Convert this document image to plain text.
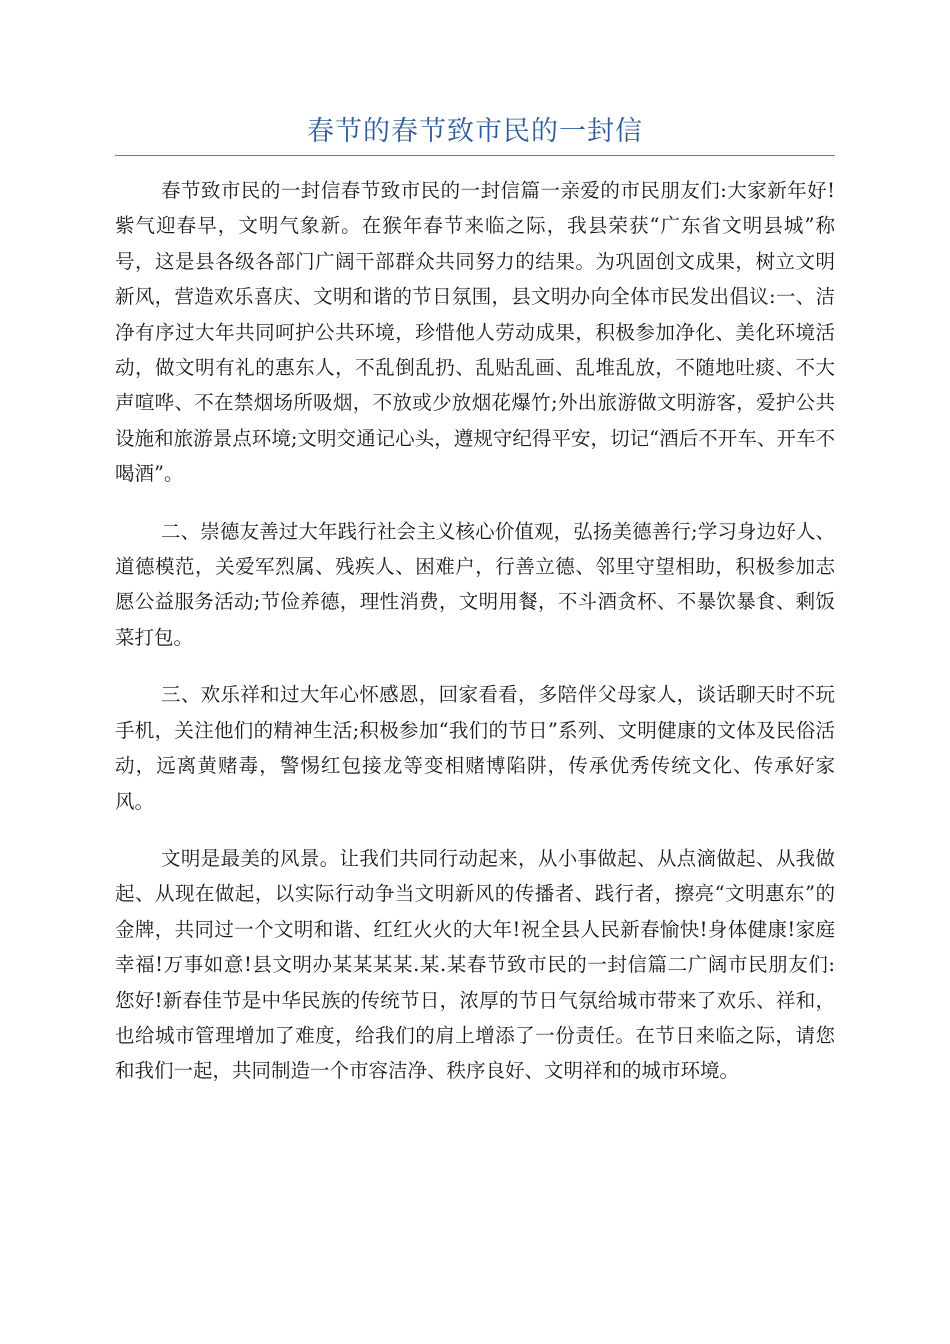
春节的春节致市民的一封信

春节致市民的一封信春节致市民的一封信篇一亲爱的市民朋友们:大家新年好!紫气迎春早，文明气象新。在猴年春节来临之际，我县荣获“广东省文明县城”称号，这是县各级各部门广阔干部群众共同努力的结果。为巩固创文成果，树立文明新风，营造欢乐喜庆、文明和谐的节日氛围，县文明办向全体市民发出倡议:一、洁净有序过大年共同呵护公共环境，珍惜他人劳动成果，积极参加净化、美化环境活动，做文明有礼的惠东人，不乱倒乱扔、乱贴乱画、乱堆乱放，不随地吐痰、不大声喧哗、不在禁烟场所吸烟，不放或少放烟花爆竹;外出旅游做文明游客，爱护公共设施和旅游景点环境;文明交通记心头，遵规守纪得平安，切记“酒后不开车、开车不喝酒”。

二、崇德友善过大年践行社会主义核心价值观，弘扬美德善行;学习身边好人、道德模范，关爱军烈属、残疾人、困难户，行善立德、邻里守望相助，积极参加志愿公益服务活动;节俭养德，理性消费，文明用餐，不斗酒贪杯、不暴饮暴食、剩饭菜打包。

三、欢乐祥和过大年心怀感恩，回家看看，多陪伴父母家人，谈话聊天时不玩手机，关注他们的精神生活;积极参加“我们的节日”系列、文明健康的文体及民俗活动，远离黄赌毒，警惕红包接龙等变相赌博陷阱，传承优秀传统文化、传承好家风。

文明是最美的风景。让我们共同行动起来，从小事做起、从点滴做起、从我做起、从现在做起，以实际行动争当文明新风的传播者、践行者，擦亮“文明惠东”的金牌，共同过一个文明和谐、红红火火的大年!祝全县人民新春愉快!身体健康!家庭幸福!万事如意!县文明办某某某某.某.某春节致市民的一封信篇二广阔市民朋友们:　　您好!新春佳节是中华民族的传统节日，浓厚的节日气氛给城市带来了欢乐、祥和，也给城市管理增加了难度，给我们的肩上增添了一份责任。在节日来临之际，请您和我们一起，共同制造一个市容洁净、秩序良好、文明祥和的城市环境。
